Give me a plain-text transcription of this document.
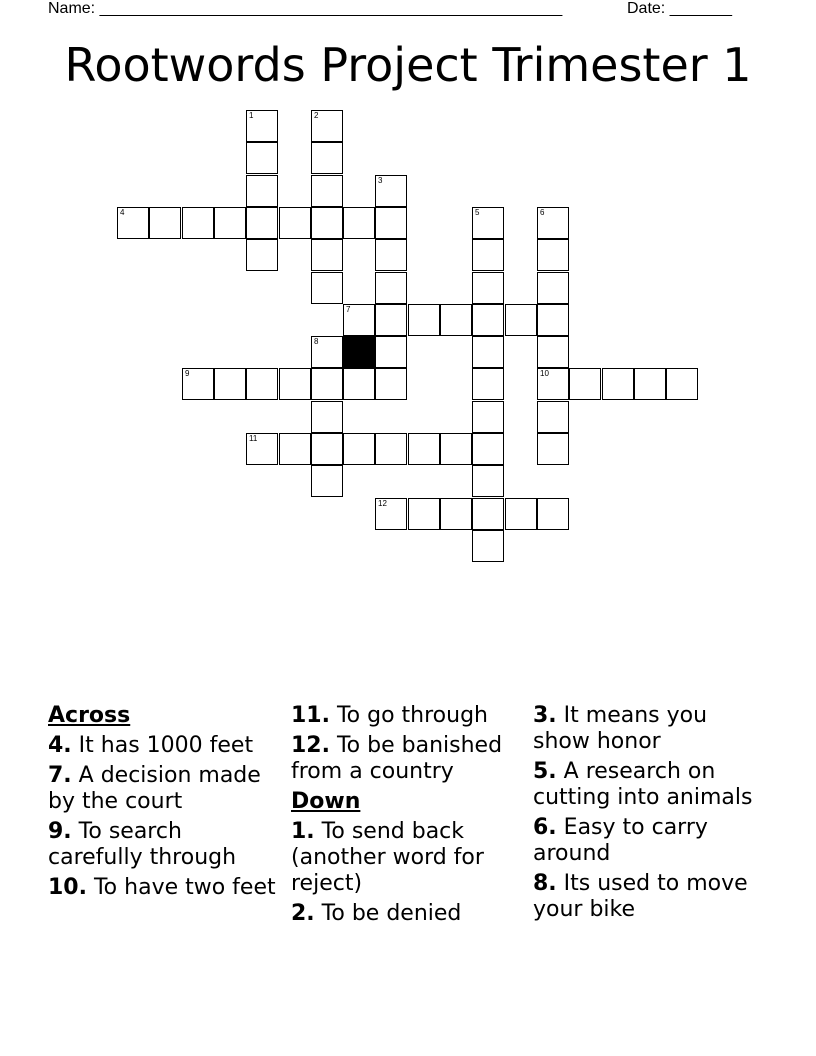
Name: ____________________________________________________	Date: _______
Rootwords Project Trimester 1
1	2
3
4	5	6
10
7
8
9
11
12
Across
4. It has 1000 feet
7. A decision made by the court
9. To search carefully through
10. To have two feet
11. To go through
12. To be banished from a country
Down
1. To send back (another word for reject)
2. To be denied
3. It means you show honor
5. A research on cutting into animals
6. Easy to carry around
8. Its used to move your bike
